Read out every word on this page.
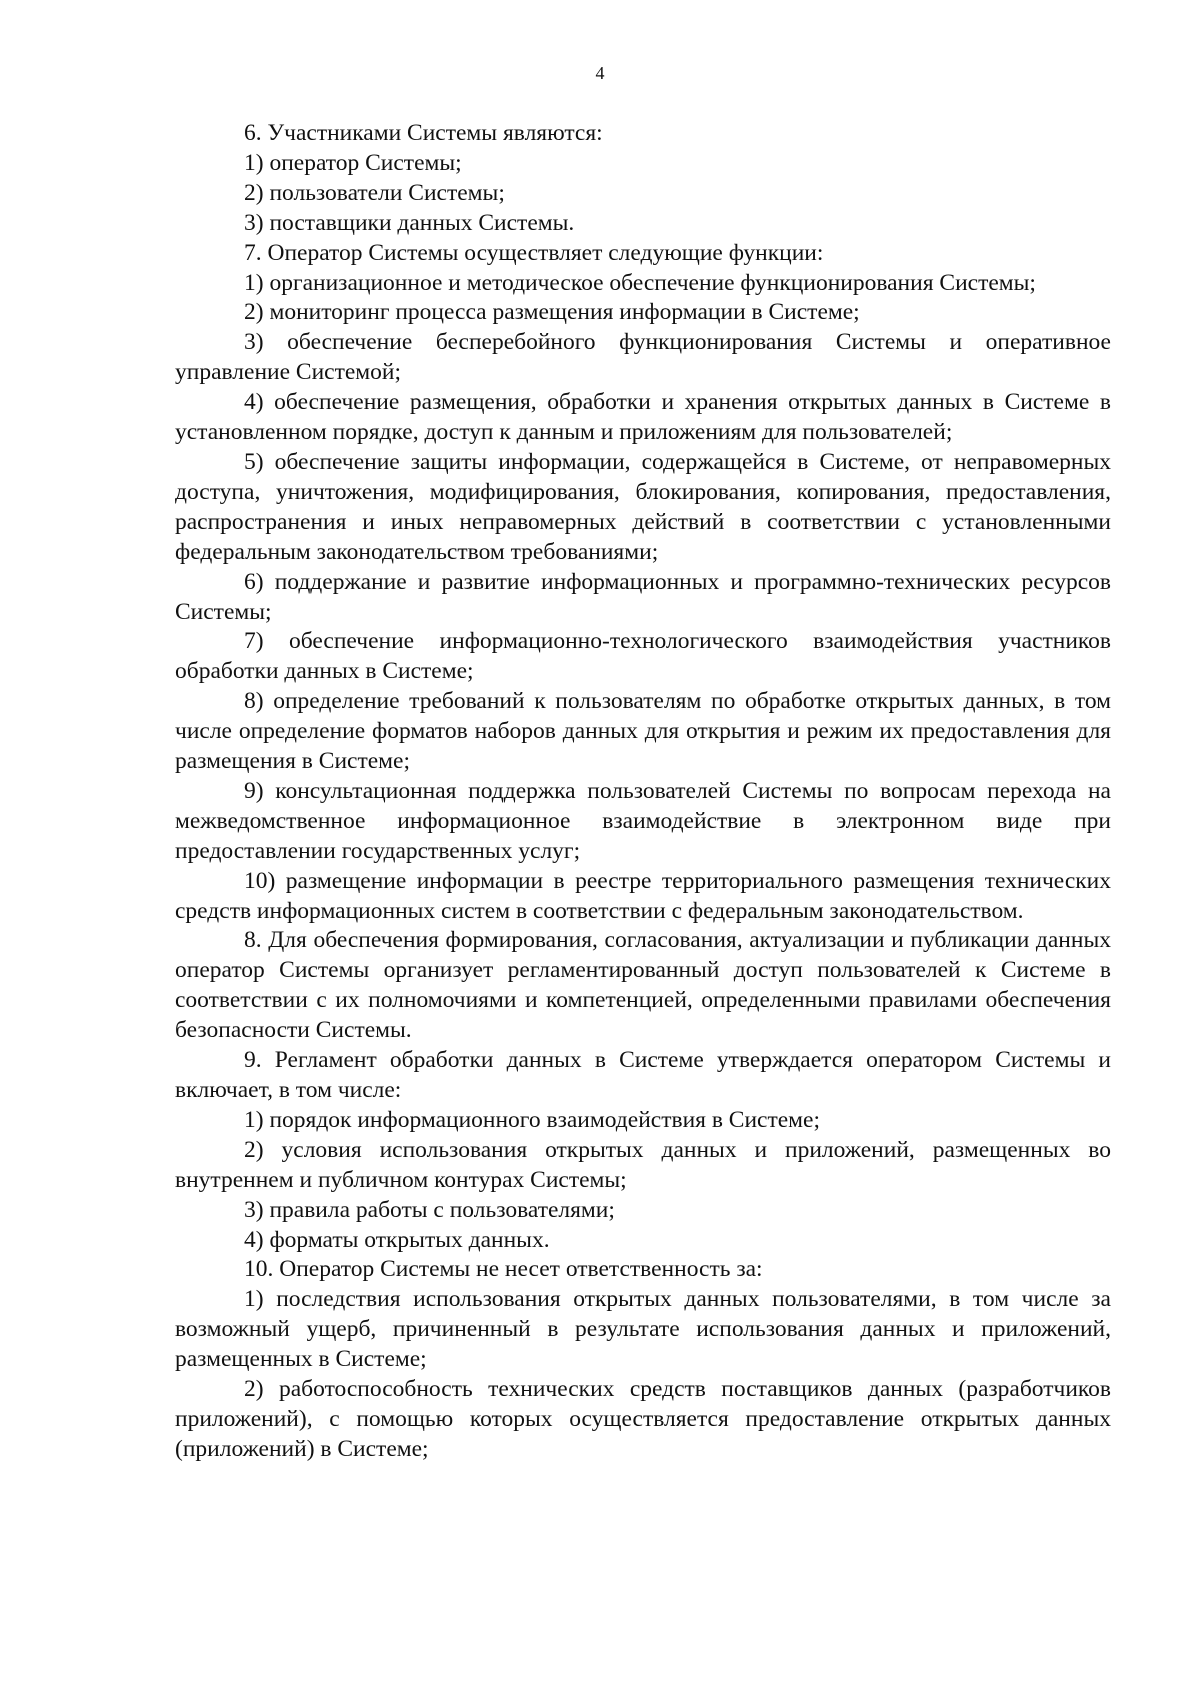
4

6. Участниками Системы являются:

1) оператор Системы;

2) пользователи Системы;

3) поставщики данных Системы.

7. Оператор Системы осуществляет следующие функции:

1) организационное и методическое обеспечение функционирования Системы;

2) мониторинг процесса размещения информации в Системе;

3) обеспечение бесперебойного функционирования Системы и оперативное управление Системой;

4) обеспечение размещения, обработки и хранения открытых данных в Системе в установленном порядке, доступ к данным и приложениям для пользователей;

5) обеспечение защиты информации, содержащейся в Системе, от неправомерных доступа, уничтожения, модифицирования, блокирования, копирования, предоставления, распространения и иных неправомерных действий в соответствии с установленными федеральным законодательством требованиями;

6) поддержание и развитие информационных и программно-технических ресурсов Системы;

7) обеспечение информационно-технологического взаимодействия участников обработки данных в Системе;

8) определение требований к пользователям по обработке открытых данных, в том числе определение форматов наборов данных для открытия и режим их предоставления для размещения в Системе;

9) консультационная поддержка пользователей Системы по вопросам перехода на межведомственное информационное взаимодействие в электронном виде при предоставлении государственных услуг;

10) размещение информации в реестре территориального размещения технических средств информационных систем в соответствии с федеральным законодательством.

8. Для обеспечения формирования, согласования, актуализации и публикации данных оператор Системы организует регламентированный доступ пользователей к Системе в соответствии с их полномочиями и компетенцией, определенными правилами обеспечения безопасности Системы.

9. Регламент обработки данных в Системе утверждается оператором Системы и включает, в том числе:

1) порядок информационного взаимодействия в Системе;

2) условия использования открытых данных и приложений, размещенных во внутреннем и публичном контурах Системы;

3) правила работы с пользователями;

4) форматы открытых данных.

10. Оператор Системы не несет ответственность за:

1) последствия использования открытых данных пользователями, в том числе за возможный ущерб, причиненный в результате использования данных и приложений, размещенных в Системе;

2) работоспособность технических средств поставщиков данных (разработчиков приложений), с помощью которых осуществляется предоставление открытых данных (приложений) в Системе;
